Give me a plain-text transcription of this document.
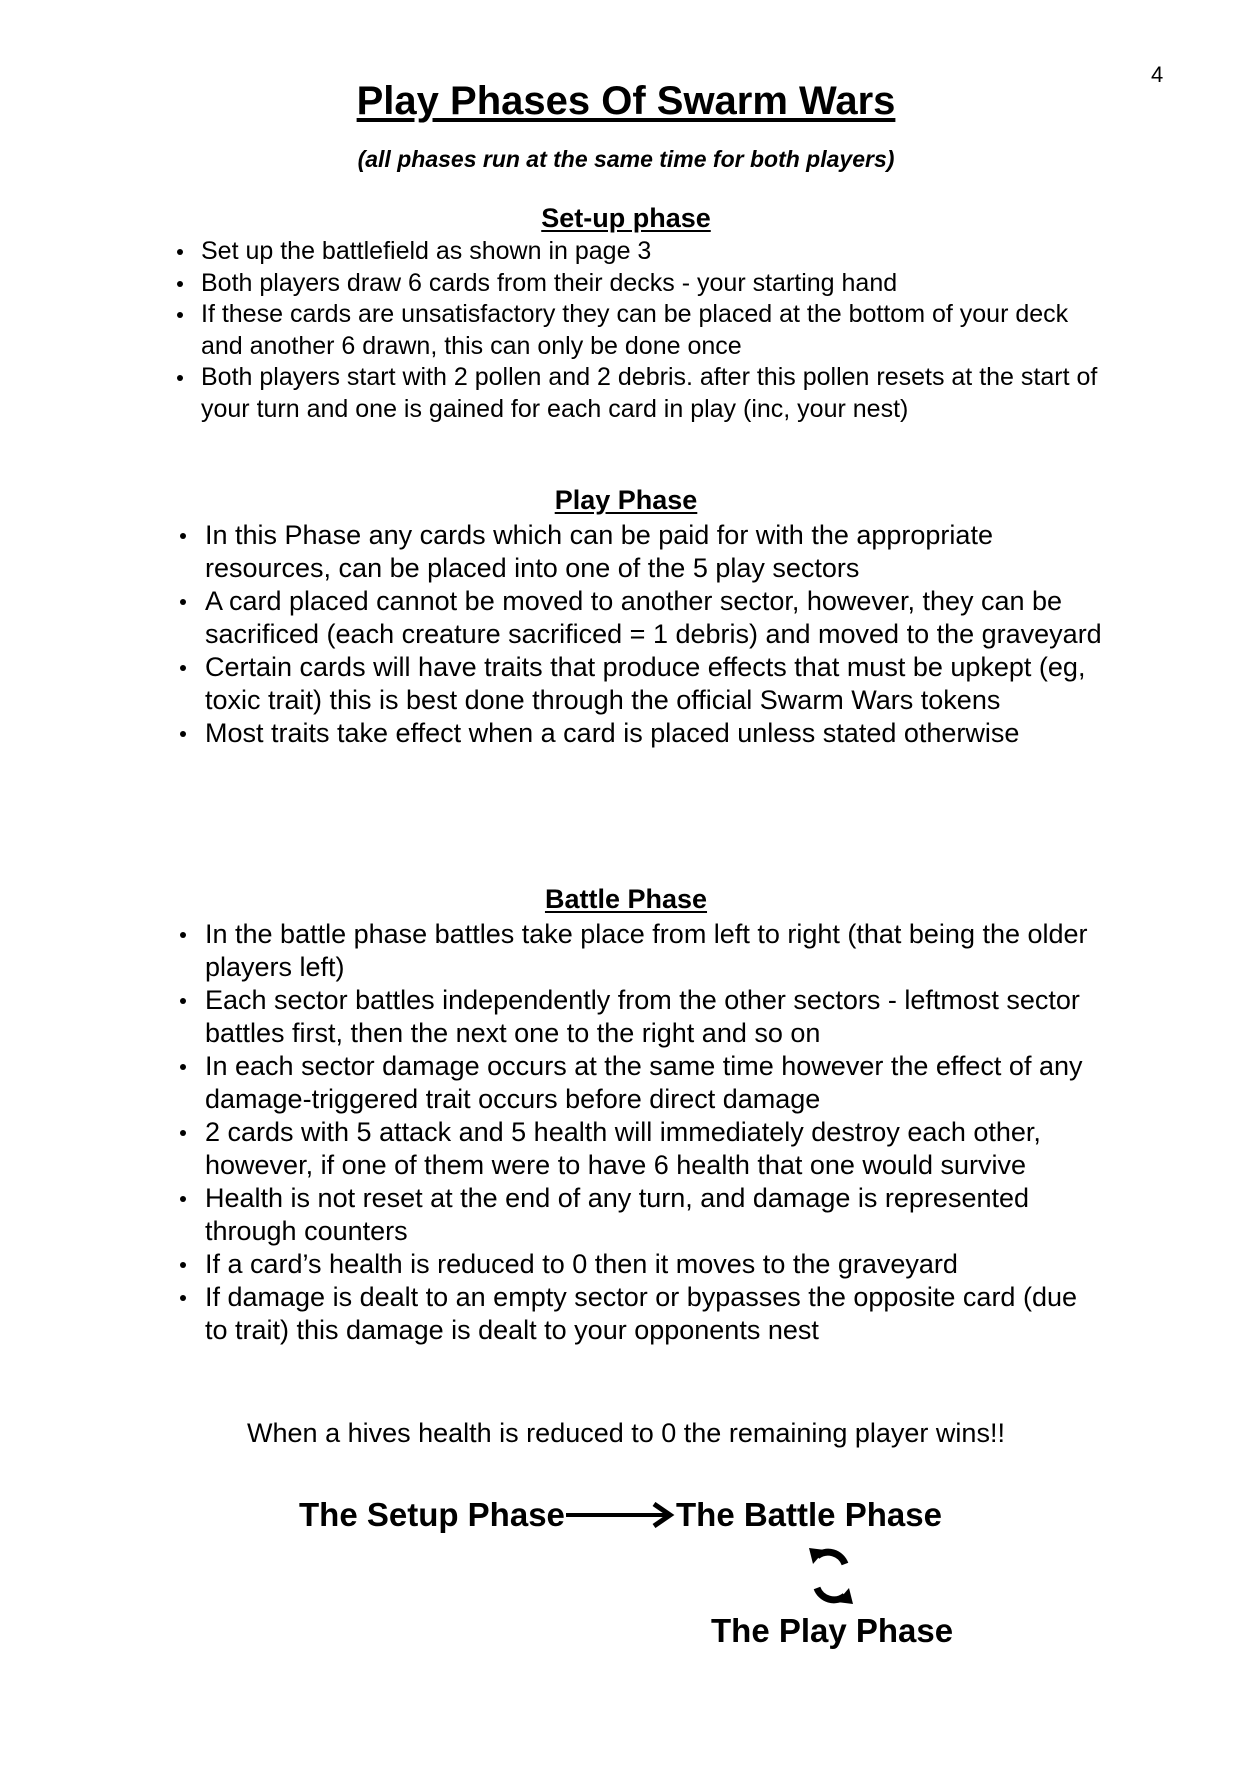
4
Play Phases Of Swarm Wars

(all phases run at the same time for both players)

Set-up phase
Set up the battlefield as shown in page 3
Both players draw 6 cards from their decks - your starting hand
If these cards are unsatisfactory they can be placed at the bottom of your deck and another 6 drawn, this can only be done once
Both players start with 2 pollen and 2 debris. after this pollen resets at the start of your turn and one is gained for each card in play (inc, your nest)
Play Phase
In this Phase any cards which can be paid for with the appropriate resources, can be placed into one of the 5 play sectors
A card placed cannot be moved to another sector, however, they can be sacrificed (each creature sacrificed = 1 debris) and moved to the graveyard
Certain cards will have traits that produce effects that must be upkept (eg, toxic trait) this is best done through the official Swarm Wars tokens
Most traits take effect when a card is placed unless stated otherwise
Battle Phase
In the battle phase battles take place from left to right (that being the older players left)
Each sector battles independently from the other sectors - leftmost sector battles first, then the next one to the right and so on
In each sector damage occurs at the same time however the effect of any damage-triggered trait occurs before direct damage
2 cards with 5 attack and 5 health will immediately destroy each other, however, if one of them were to have 6 health that one would survive
Health is not reset at the end of any turn, and damage is represented through counters
If a card’s health is reduced to 0 then it moves to the graveyard
If damage is dealt to an empty sector or bypasses the opposite card (due to trait) this damage is dealt to your opponents nest

When a hives health is reduced to 0 the remaining player wins!!

The Setup Phase	The Battle Phase
The Play Phase
